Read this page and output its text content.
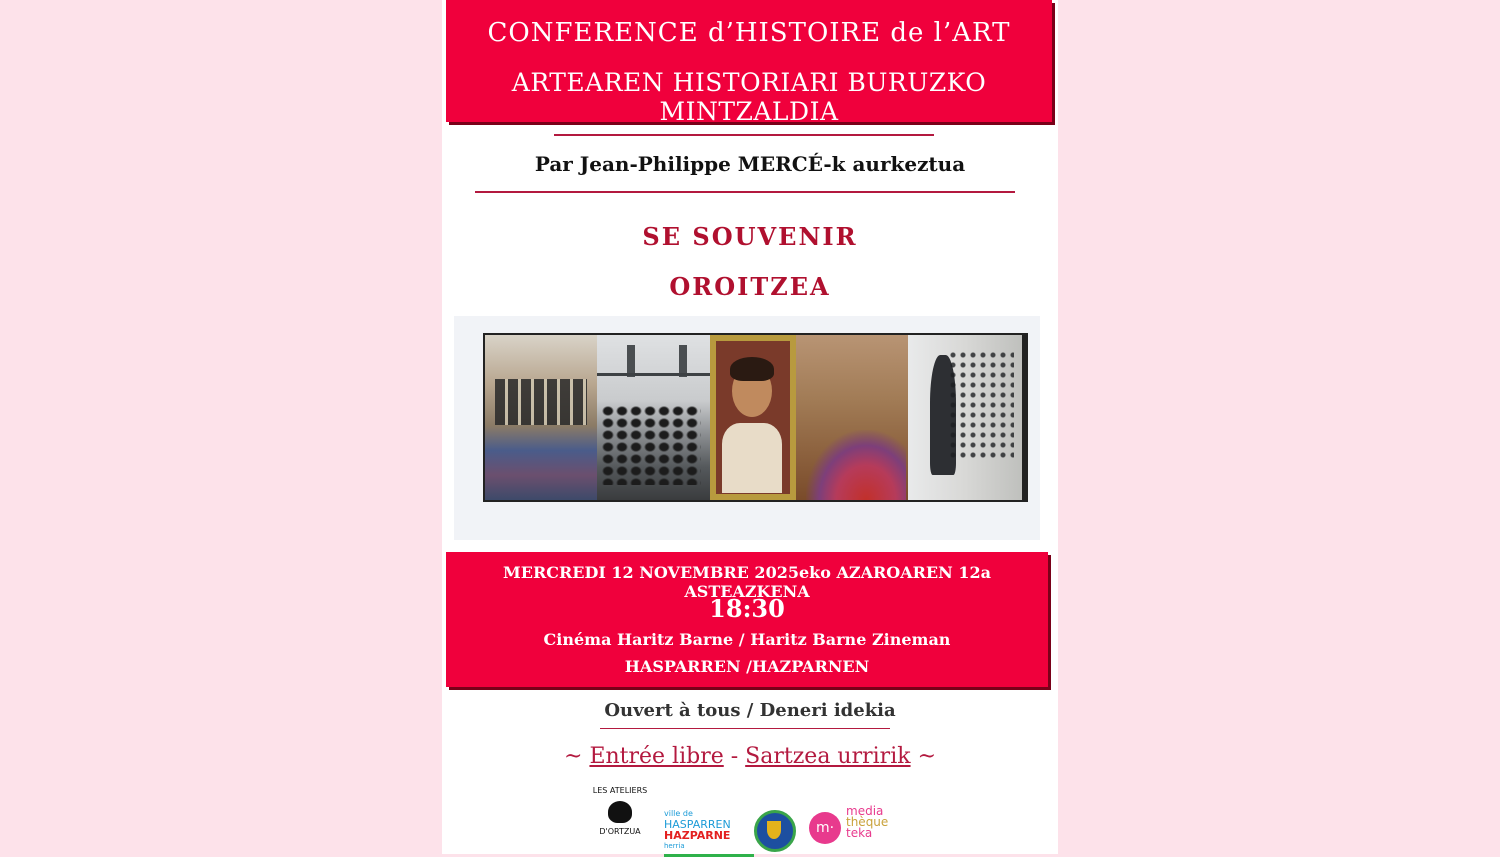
CONFERENCE d’HISTOIRE de l’ART
ARTEAREN HISTORIARI BURUZKO MINTZALDIA
Par Jean-Philippe MERCÉ-k aurkeztua
SE SOUVENIR
OROITZEA
MERCREDI 12 NOVEMBRE 2025eko AZAROAREN 12a ASTEAZKENA
18:30
Cinéma Haritz Barne / Haritz Barne Zineman
HASPARREN /HAZPARNEN
Ouvert à tous / Deneri idekia
~ Entrée libre - Sartzea urririk ~
LES ATELIERS
D'ORTZUA
ville de
HASPARREN
HAZPARNE
herria
m·
media
thèque
teka
